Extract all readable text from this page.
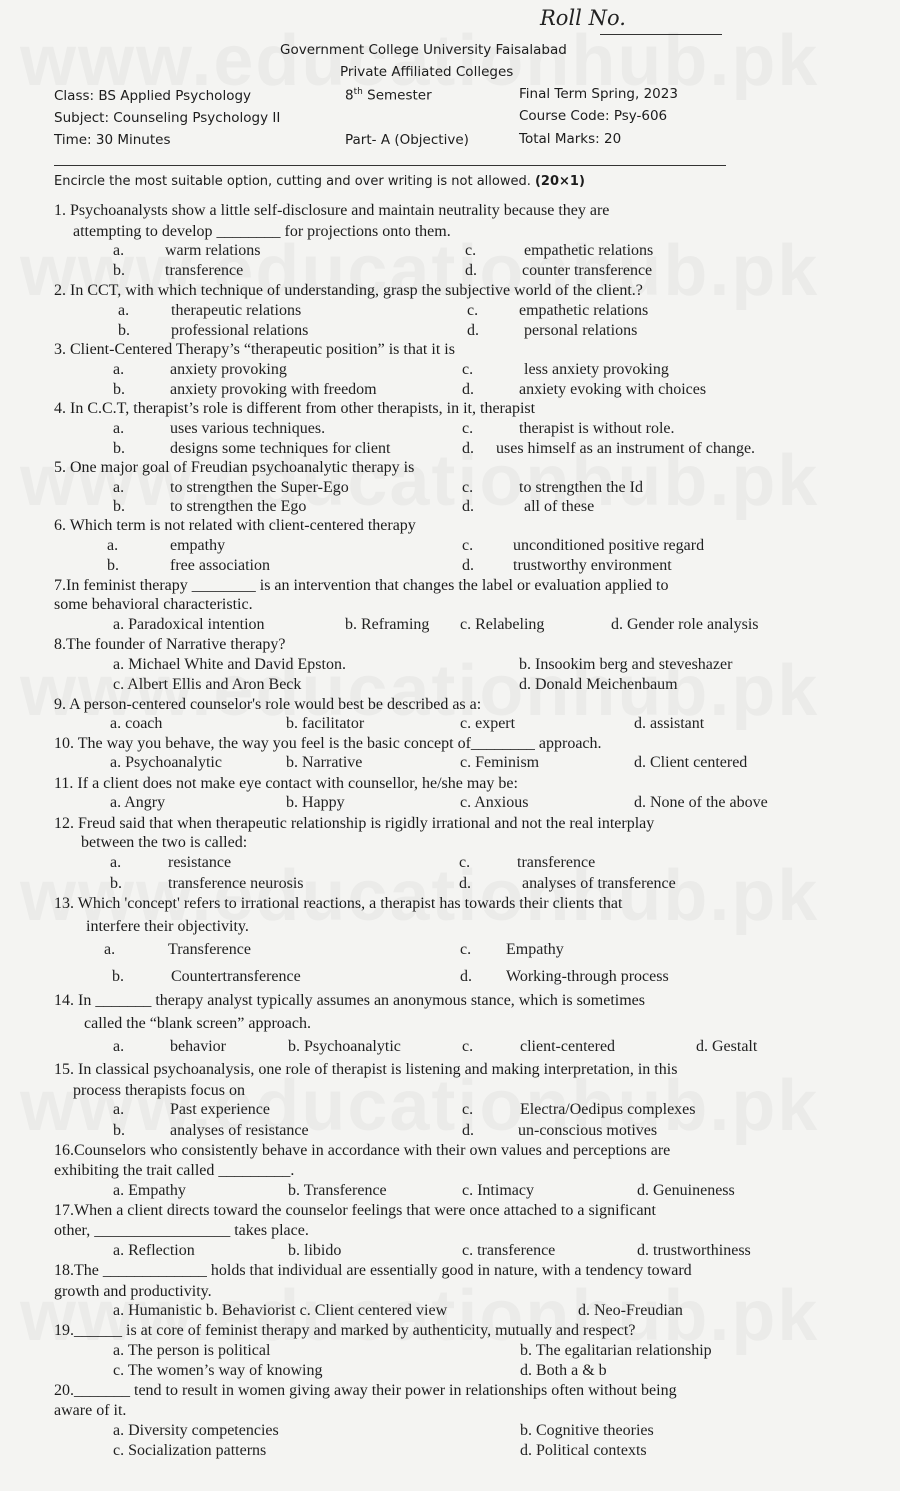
Roll No.
Government College University Faisalabad
Private Affiliated Colleges
Class: BS Applied Psychology	8th Semester	Final Term Spring, 2023
Subject: Counseling Psychology II	Course Code: Psy-606
Time: 30 Minutes	Part- A (Objective)	Total Marks: 20
Encircle the most suitable option, cutting and over writing is not allowed. (20×1)
1. Psychoanalysts show a little self-disclosure and maintain neutrality because they are
attempting to develop ________ for projections onto them.
a.	warm relations	c.	empathetic relations
b.	transference	d.	counter transference
2. In CCT, with which technique of understanding, grasp the subjective world of the client.?
a.	therapeutic relations	c.	empathetic relations
b.	professional relations	d.	personal relations
3. Client-Centered Therapy’s “therapeutic position” is that it is
a.	anxiety provoking	c.	less anxiety provoking
b.	anxiety provoking with freedom	d.	anxiety evoking with choices
4. In C.C.T, therapist’s role is different from other therapists, in it, therapist
a.	uses various techniques.	c.	therapist is without role.
b.	designs some techniques for client	d. uses himself as an instrument of change.
5. One major goal of Freudian psychoanalytic therapy is
a.	to strengthen the Super-Ego	c.	to strengthen the Id
b.	to strengthen the Ego	d.	all of these
6. Which term is not related with client-centered therapy
a.	empathy	c. unconditioned positive regard
b.	free association	d. trustworthy environment
7.In feminist therapy ________ is an intervention that changes the label or evaluation applied to
some behavioral characteristic.
a. Paradoxical intention	b. Reframing c. Relabeling	d. Gender role analysis
8.The founder of Narrative therapy?
a. Michael White and David Epston.	b. Insookim berg and steveshazer
c. Albert Ellis and Aron Beck	d. Donald Meichenbaum
9. A person-centered counselor's role would best be described as a:
a. coach	b. facilitator	c. expert	d. assistant
10. The way you behave, the way you feel is the basic concept of________ approach.
a. Psychoanalytic	b. Narrative	c. Feminism	d. Client centered
11. If a client does not make eye contact with counsellor, he/she may be:
a. Angry	b. Happy	c. Anxious	d. None of the above
12. Freud said that when therapeutic relationship is rigidly irrational and not the real interplay
between the two is called:
a.	resistance	c.	transference
b.	transference neurosis	d.	analyses of transference
13. Which 'concept' refers to irrational reactions, a therapist has towards their clients that
interfere their objectivity.
a.	Transference	c. Empathy
b.	Countertransference	d. Working-through process
14. In _______ therapy analyst typically assumes an anonymous stance, which is sometimes
called the “blank screen” approach.
a.	behavior	b. Psychoanalytic	c.	client-centered	d. Gestalt
15. In classical psychoanalysis, one role of therapist is listening and making interpretation, in this
process therapists focus on
a.	Past experience	c.	Electra/Oedipus complexes
b.	analyses of resistance	d.	un-conscious motives
16.Counselors who consistently behave in accordance with their own values and perceptions are
exhibiting the trait called _________.
a. Empathy	b. Transference	c. Intimacy	d. Genuineness
17.When a client directs toward the counselor feelings that were once attached to a significant
other, _________________ takes place.
a. Reflection	b. libido	c. transference	d. trustworthiness
18.The _____________ holds that individual are essentially good in nature, with a tendency toward
growth and productivity.
a. Humanistic b. Behaviorist c. Client centered view	d. Neo-Freudian
19.______ is at core of feminist therapy and marked by authenticity, mutually and respect?
a. The person is political	b. The egalitarian relationship
c. The women’s way of knowing	d. Both a & b
20._______ tend to result in women giving away their power in relationships often without being
aware of it.
a. Diversity competencies	b. Cognitive theories
c. Socialization patterns	d. Political contexts
